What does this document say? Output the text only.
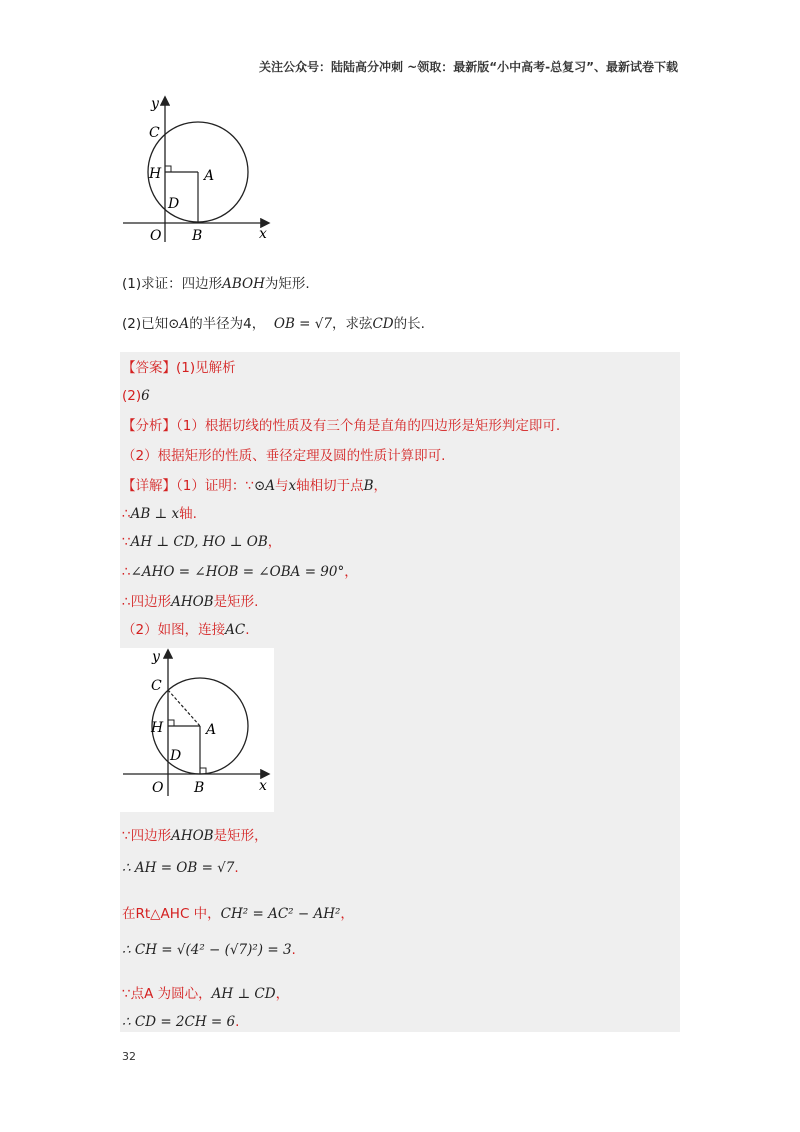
关注公众号：陆陆高分冲刺 ~领取：最新版“小中高考-总复习”、最新试卷下载
y
C
H	A
D
O B	x
(1)求证：四边形ABOH为矩形.
(2)已知⊙A的半径为4， OB = √7，求弦CD的长.
【答案】(1)见解析
(2)6
【分析】（1）根据切线的性质及有三个角是直角的四边形是矩形判定即可.
（2）根据矩形的性质、垂径定理及圆的性质计算即可.
【详解】（1）证明：∵⊙A与x轴相切于点B，
∴AB ⊥ x轴.
∵AH ⊥ CD, HO ⊥ OB，
∴∠AHO = ∠HOB = ∠OBA = 90°，
∴四边形AHOB是矩形.
（2）如图，连接AC.
y
C
H	A
D
O B	x
∵四边形AHOB是矩形，
∴ AH = OB = √7.
在Rt△AHC 中，CH² = AC² − AH²，
∴ CH = √(4² − (√7)²) = 3.
∵点A 为圆心，AH ⊥ CD，
∴ CD = 2CH = 6.
32
